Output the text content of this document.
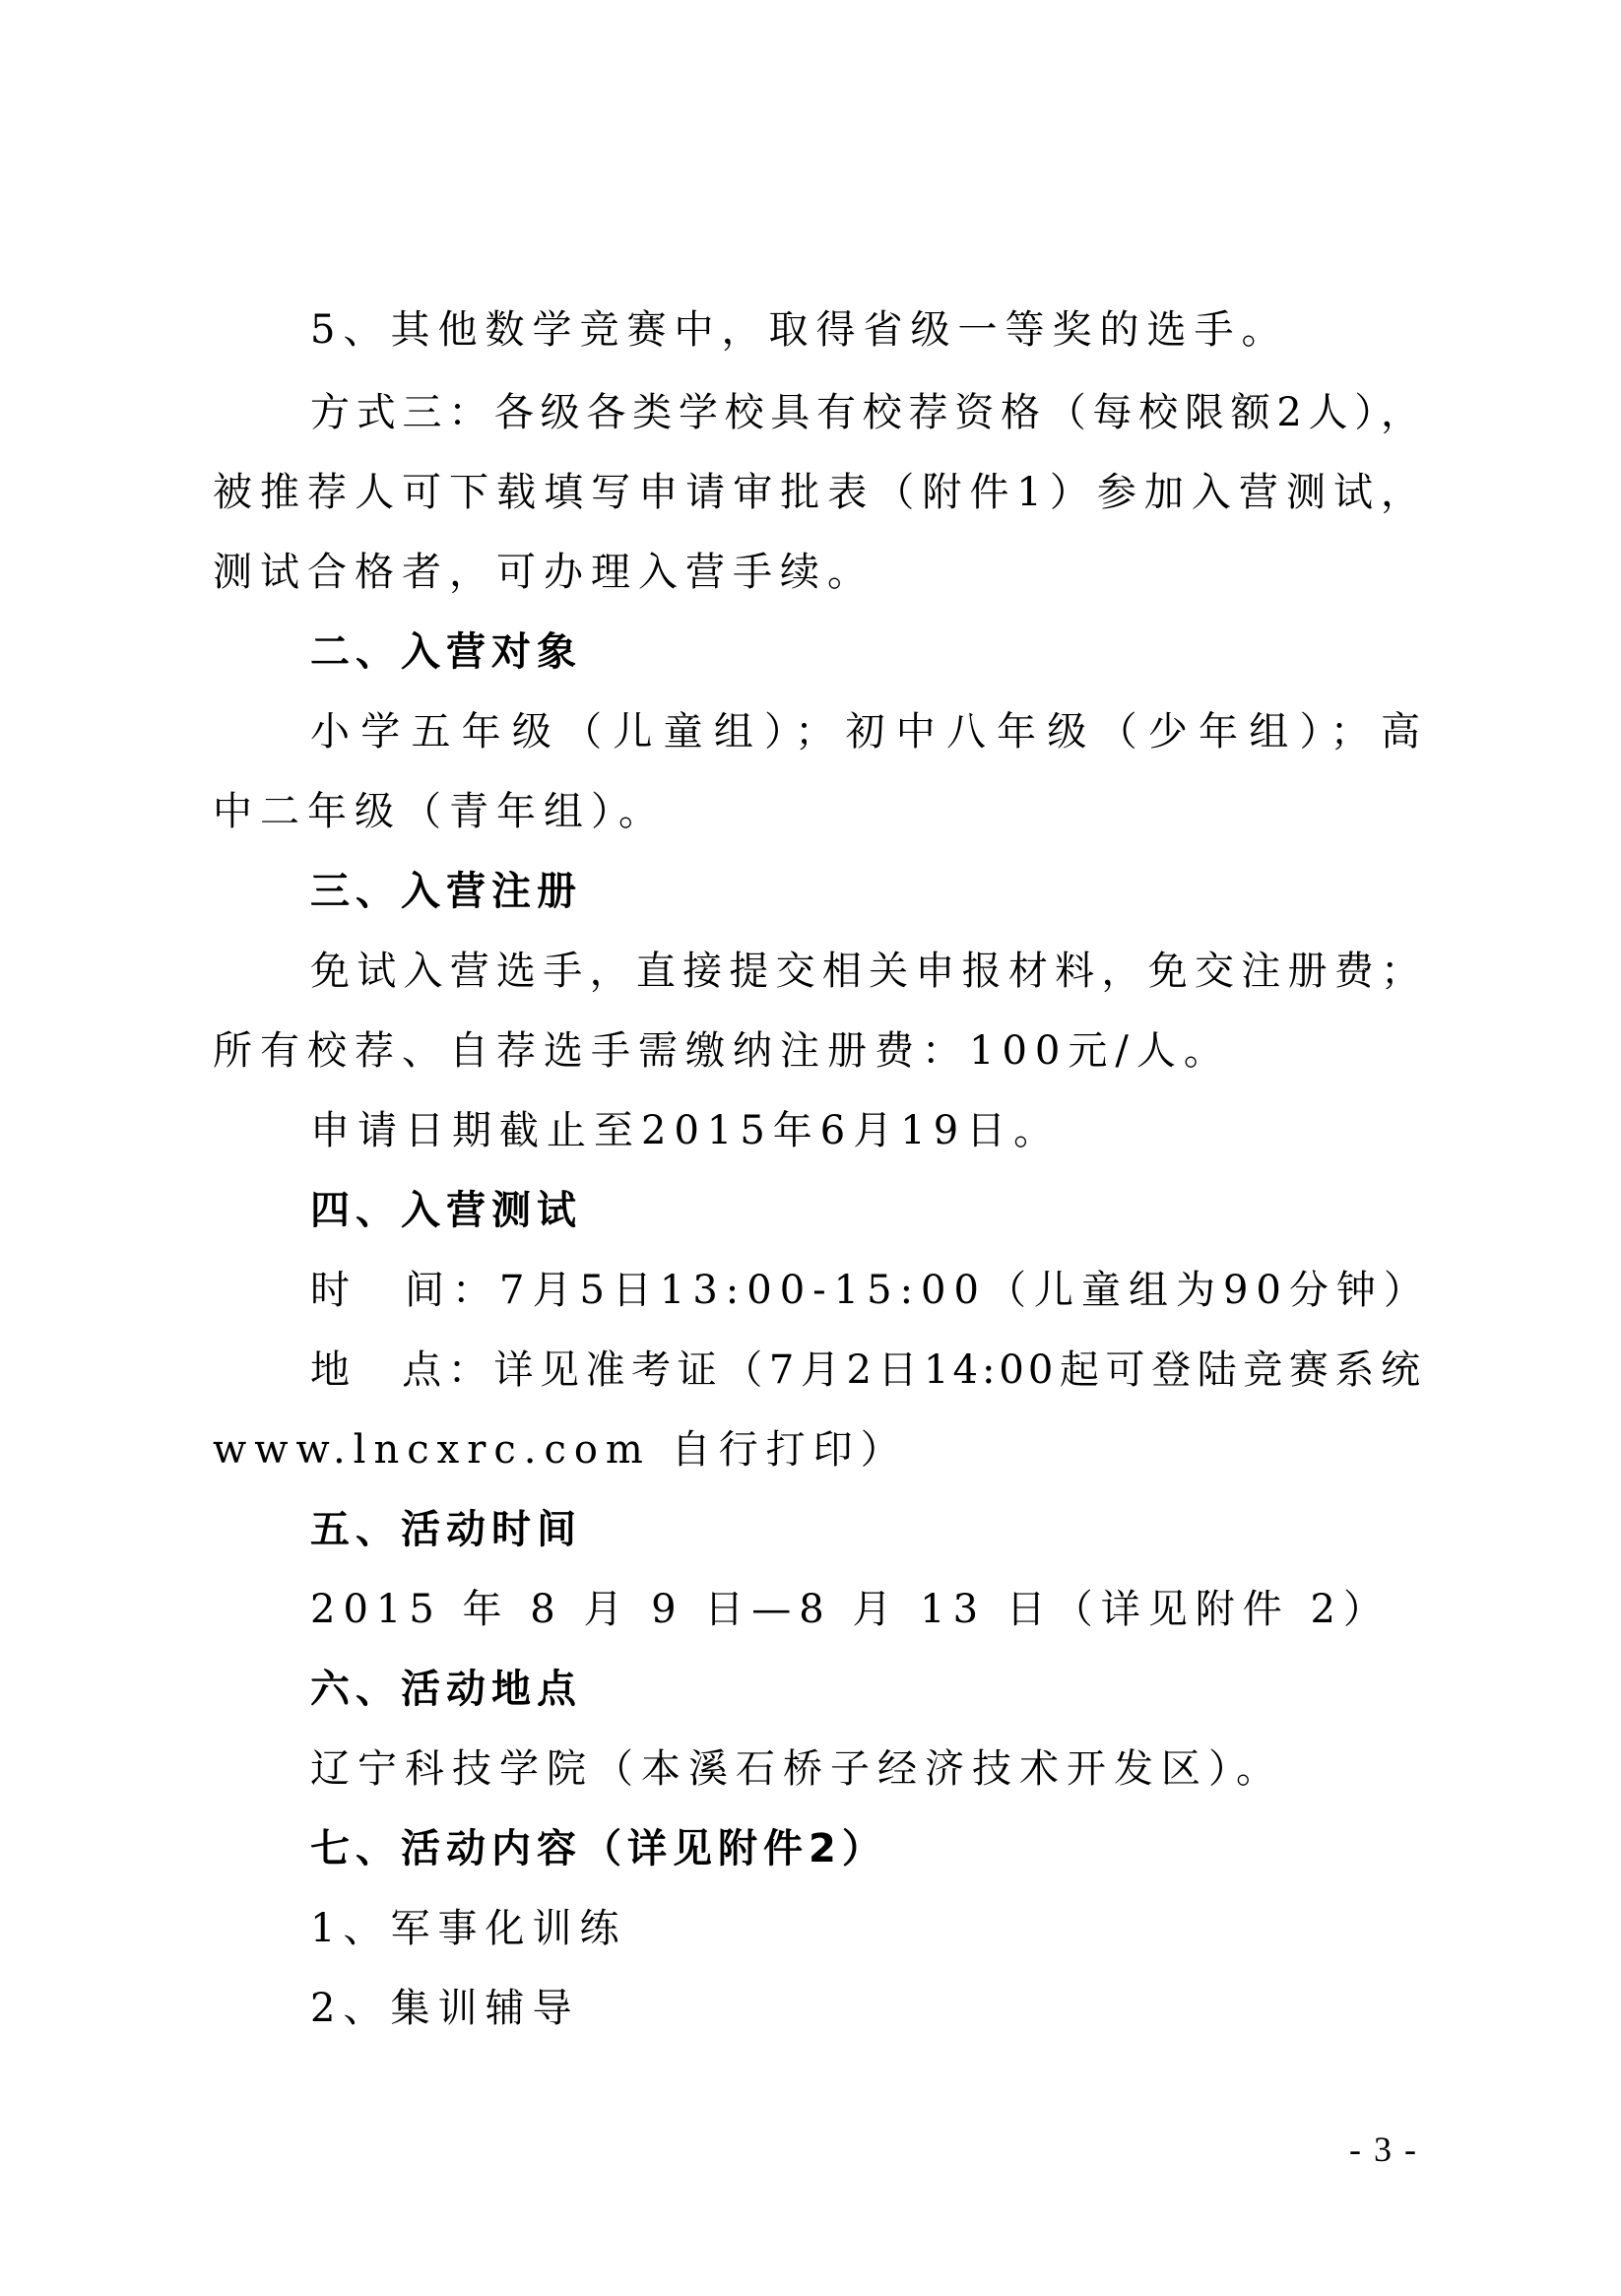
5、其他数学竞赛中，取得省级一等奖的选手。
方式三：各级各类学校具有校荐资格（每校限额2人），
被推荐人可下载填写申请审批表（附件1）参加入营测试，
测试合格者，可办理入营手续。
二、入营对象
小学五年级（儿童组）；初中八年级（少年组）；高
中二年级（青年组）。
三、入营注册
免试入营选手，直接提交相关申报材料，免交注册费；
所有校荐、自荐选手需缴纳注册费：100元/人。
申请日期截止至2015年6月19日。
四、入营测试
时　间：7月5日13:00-15:00（儿童组为90分钟）
地　点：详见准考证（7月2日14:00起可登陆竞赛系统
www.lncxrc.com 自行打印）
五、活动时间
2015 年 8 月 9 日—8 月 13 日（详见附件 2）
六、活动地点
辽宁科技学院（本溪石桥子经济技术开发区）。
七、活动内容（详见附件2）
1、军事化训练
2、集训辅导
- 3 -
